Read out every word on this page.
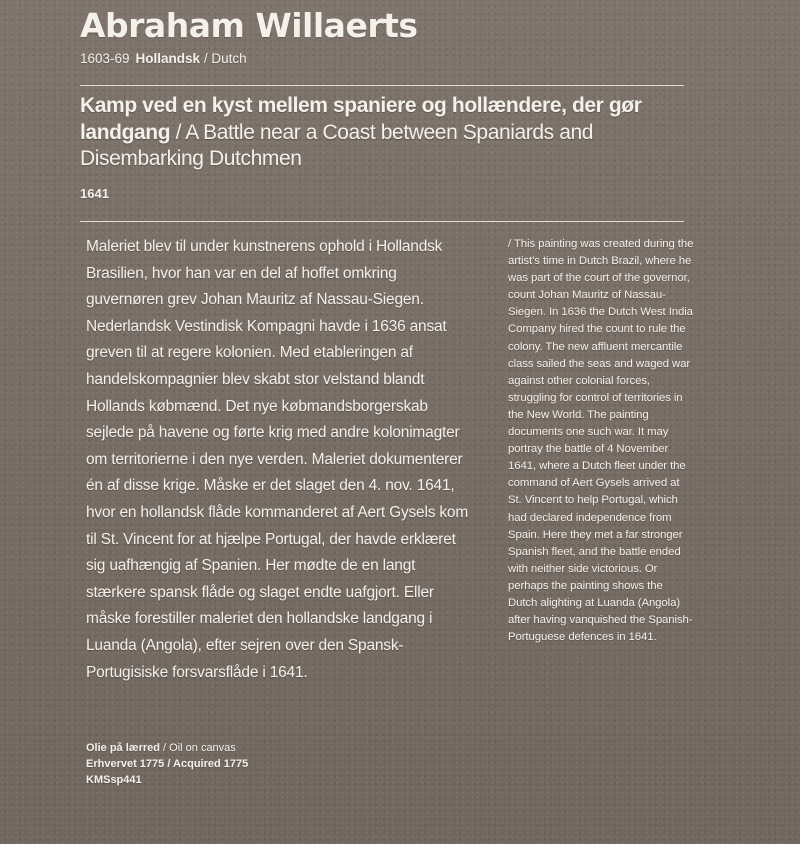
Abraham Willaerts
1603-69 Hollandsk / Dutch
Kamp ved en kyst mellem spaniere og hollændere, der gør landgang / A Battle near a Coast between Spaniards and Disembarking Dutchmen
1641

Maleriet blev til under kunstnerens ophold i Hollandsk Brasilien, hvor han var en del af hoffet omkring guvernøren grev Johan Mauritz af Nassau-Siegen. Nederlandsk Vestindisk Kompagni havde i 1636 ansat greven til at regere kolonien. Med etableringen af handelskompagnier blev skabt stor velstand blandt Hollands købmænd. Det nye købmandsborgerskab sejlede på havene og førte krig med andre kolonimagter om territorierne i den nye verden. Maleriet dokumenterer én af disse krige. Måske er det slaget den 4. nov. 1641, hvor en hollandsk flåde kommanderet af Aert Gysels kom til St. Vincent for at hjælpe Portugal, der havde erklæret sig uafhængig af Spanien. Her mødte de en langt stærkere spansk flåde og slaget endte uafgjort. Eller måske forestiller maleriet den hollandske landgang i Luanda (Angola), efter sejren over den Spansk-Portugisiske forsvarsflåde i 1641.

Olie på lærred / Oil on canvas
Erhvervet 1775 / Acquired 1775
KMSsp441

/ This painting was created during the artist’s time in Dutch Brazil, where he was part of the court of the governor, count Johan Mauritz of Nassau-Siegen. In 1636 the Dutch West India Company hired the count to rule the colony. The new affluent mercantile class sailed the seas and waged war against other colonial forces, struggling for control of territories in the New World. The painting documents one such war. It may portray the battle of 4 November 1641, where a Dutch fleet under the command of Aert Gysels arrived at St. Vincent to help Portugal, which had declared independence from Spain. Here they met a far stronger Spanish fleet, and the battle ended with neither side victorious. Or perhaps the painting shows the Dutch alighting at Luanda (Angola) after having vanquished the Spanish-Portuguese defences in 1641.
